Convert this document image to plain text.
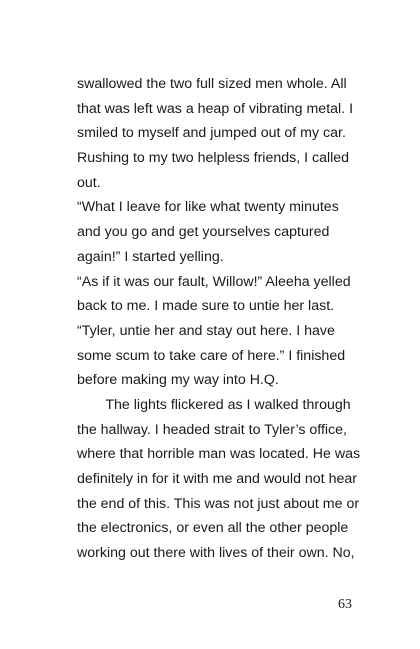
swallowed the two full sized men whole. All
that was left was a heap of vibrating metal. I
smiled to myself and jumped out of my car.
Rushing to my two helpless friends, I called
out.
“What I leave for like what twenty minutes
and you go and get yourselves captured
again!” I started yelling.
“As if it was our fault, Willow!” Aleeha yelled
back to me. I made sure to untie her last.
“Tyler, untie her and stay out here. I have
some scum to take care of here.” I finished
before making my way into H.Q.
  The lights flickered as I walked through
the hallway. I headed strait to Tyler’s office,
where that horrible man was located. He was
definitely in for it with me and would not hear
the end of this. This was not just about me or
the electronics, or even all the other people
working out there with lives of their own. No,
63
